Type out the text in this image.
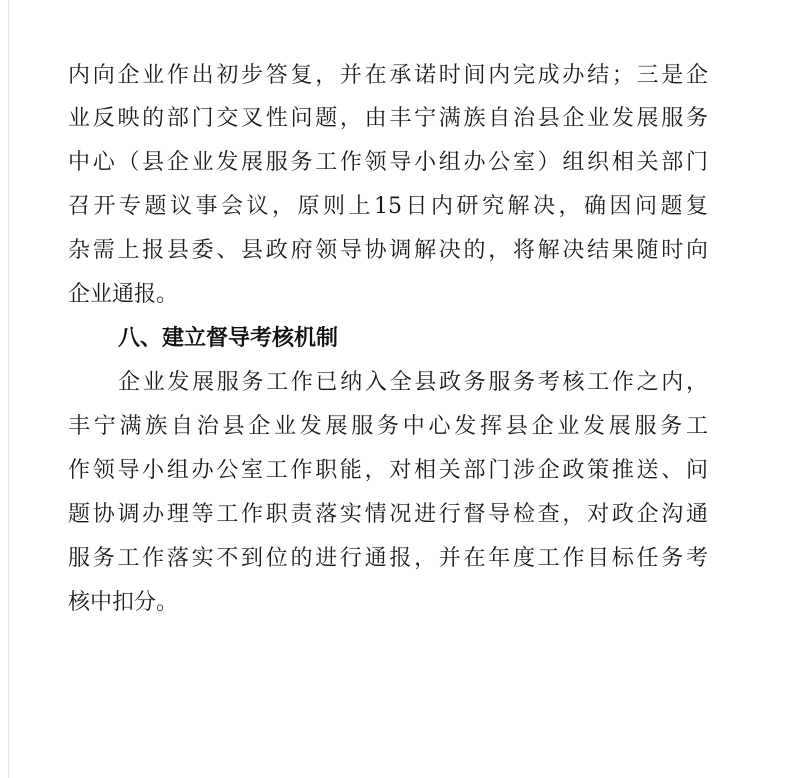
内向企业作出初步答复，并在承诺时间内完成办结；三是企
业反映的部门交叉性问题，由丰宁满族自治县企业发展服务
中心（县企业发展服务工作领导小组办公室）组织相关部门
召开专题议事会议，原则上15日内研究解决，确因问题复
杂需上报县委、县政府领导协调解决的，将解决结果随时向
企业通报。
八、建立督导考核机制
企业发展服务工作已纳入全县政务服务考核工作之内，
丰宁满族自治县企业发展服务中心发挥县企业发展服务工
作领导小组办公室工作职能，对相关部门涉企政策推送、问
题协调办理等工作职责落实情况进行督导检查，对政企沟通
服务工作落实不到位的进行通报，并在年度工作目标任务考
核中扣分。
